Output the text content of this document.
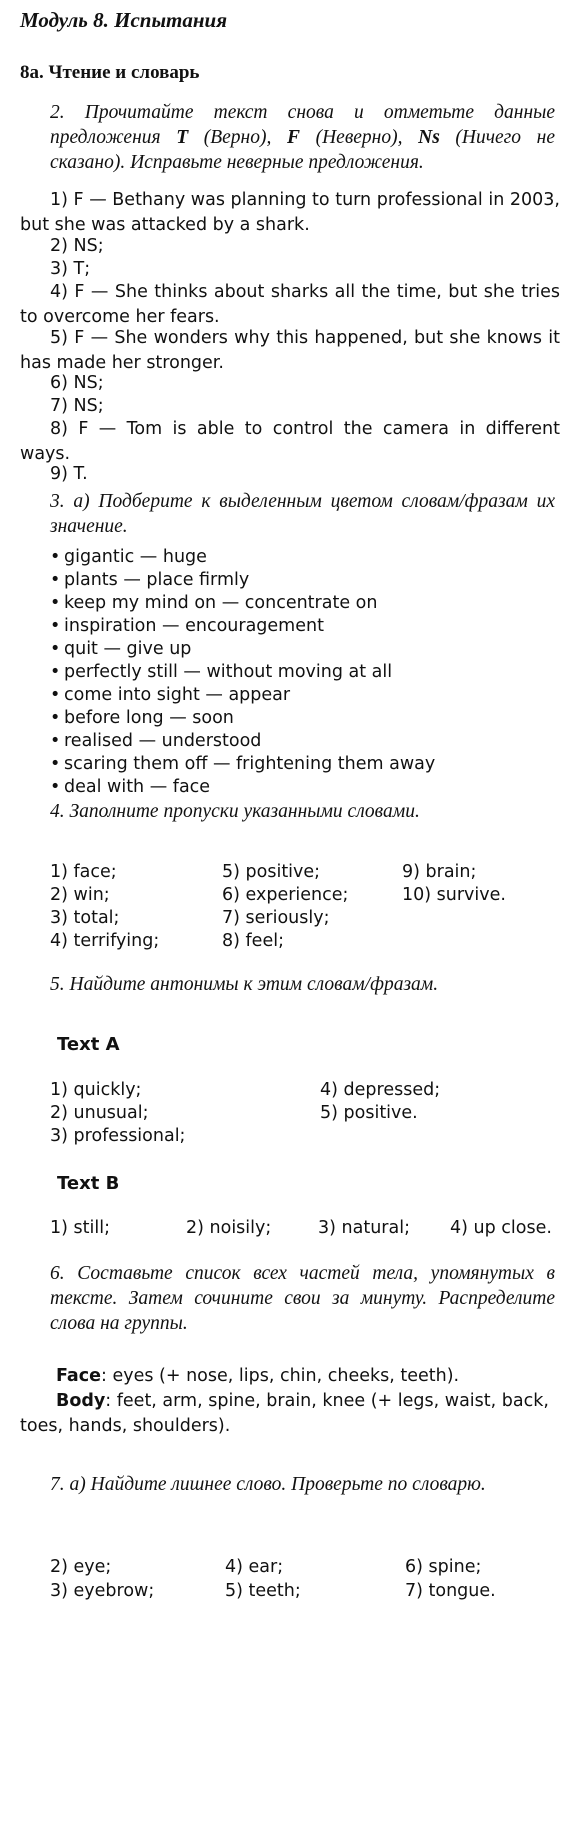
Модуль 8. Испытания
8а. Чтение и словарь
2. Прочитайте текст снова и отметьте данные предложения T (Верно), F (Неверно), Ns (Ничего не сказано). Исправьте неверные предложения.
1) F — Bethany was planning to turn professional in 2003, but she was attacked by a shark.
2) NS;
3) T;
4) F — She thinks about sharks all the time, but she tries to overcome her fears.
5) F — She wonders why this happened, but she knows it has made her stronger.
6) NS;
7) NS;
8) F — Tom is able to control the camera in different ways.
9) T.
3. а) Подберите к выделенным цветом словам/фразам их значение.
• gigantic — huge
• plants — place firmly
• keep my mind on — concentrate on
• inspiration — encouragement
• quit — give up
• perfectly still — without moving at all
• come into sight — appear
• before long — soon
• realised — understood
• scaring them off — frightening them away
• deal with — face
4. Заполните пропуски указанными словами.
1) face;
2) win;
3) total;
4) terrifying;
5) positive;
6) experience;
7) seriously;
8) feel;
9) brain;
10) survive.
5. Найдите антонимы к этим словам/фразам.
Text A
1) quickly;
2) unusual;
3) professional;
4) depressed;
5) positive.
Text B
1) still;	2) noisily;	3) natural; 4) up close.
6. Составьте список всех частей тела, упомянутых в тексте. Затем сочините свои за минуту. Распределите слова на группы.
Face: eyes (+ nose, lips, chin, cheeks, teeth).
Body: feet, arm, spine, brain, knee (+ legs, waist, back, toes, hands, shoulders).
7. а) Найдите лишнее слово. Проверьте по словарю.
2) eye;
3) eyebrow;
4) ear;
5) teeth;
6) spine;
7) tongue.
